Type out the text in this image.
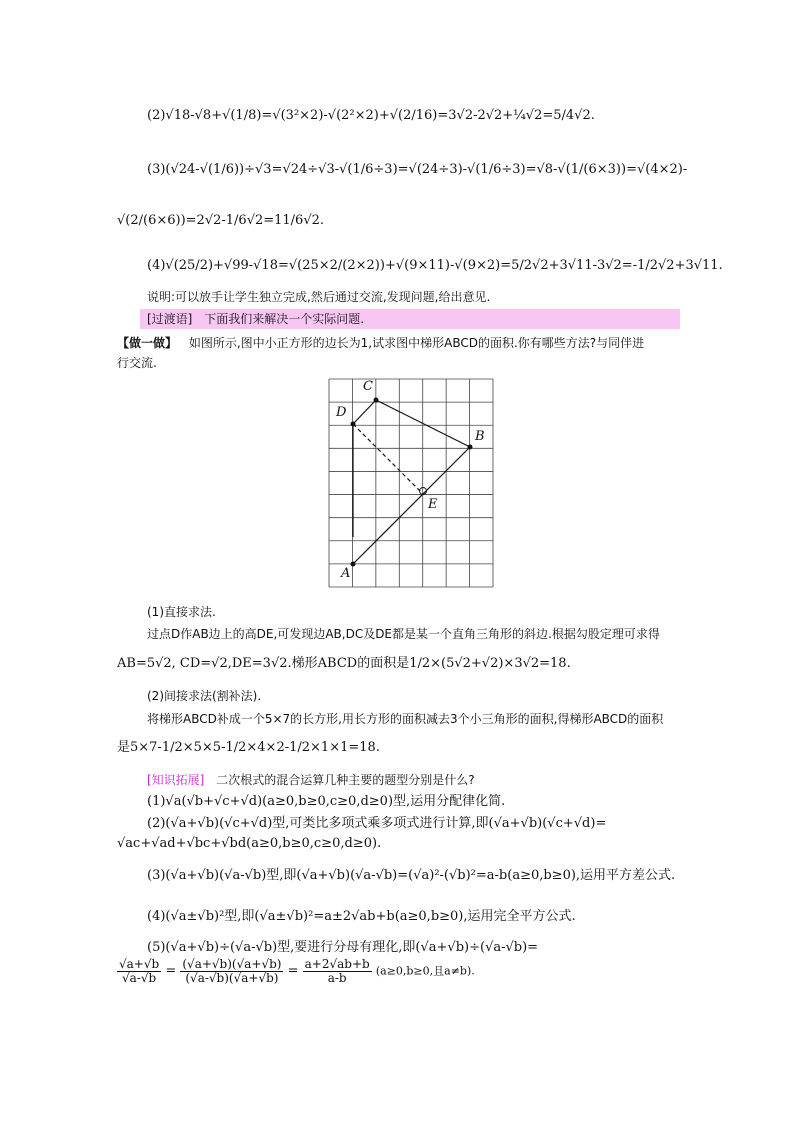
(2)√18-√8+√(1/8)=√(3²×2)-√(2²×2)+√(2/16)=3√2-2√2+¼√2=5/4√2.
(3)(√24-√(1/6))÷√3=√24÷√3-√(1/6÷3)=√(24÷3)-√(1/6÷3)=√8-√(1/(6×3))=√(4×2)-
√(2/(6×6))=2√2-1/6√2=11/6√2.
(4)√(25/2)+√99-√18=√(25×2/(2×2))+√(9×11)-√(9×2)=5/2√2+3√11-3√2=-1/2√2+3√11.
说明:可以放手让学生独立完成,然后通过交流,发现问题,给出意见.
[过渡语] 下面我们来解决一个实际问题.
【做一做】 如图所示,图中小正方形的边长为1,试求图中梯形ABCD的面积.你有哪些方法?与同伴进
行交流.
C
D
B
E
A
(1)直接求法.
过点D作AB边上的高DE,可发现边AB,DC及DE都是某一个直角三角形的斜边.根据勾股定理可求得
AB=5√2, CD=√2,DE=3√2.梯形ABCD的面积是1/2×(5√2+√2)×3√2=18.
(2)间接求法(割补法).
将梯形ABCD补成一个5×7的长方形,用长方形的面积减去3个小三角形的面积,得梯形ABCD的面积
是5×7-1/2×5×5-1/2×4×2-1/2×1×1=18.
[知识拓展] 二次根式的混合运算几种主要的题型分别是什么?
(1)√a(√b+√c+√d)(a≥0,b≥0,c≥0,d≥0)型,运用分配律化简.
(2)(√a+√b)(√c+√d)型,可类比多项式乘多项式进行计算,即(√a+√b)(√c+√d)=
√ac+√ad+√bc+√bd(a≥0,b≥0,c≥0,d≥0).
(3)(√a+√b)(√a-√b)型,即(√a+√b)(√a-√b)=(√a)²-(√b)²=a-b(a≥0,b≥0),运用平方差公式.
(4)(√a±√b)²型,即(√a±√b)²=a±2√ab+b(a≥0,b≥0),运用完全平方公式.
(5)(√a+√b)÷(√a-√b)型,要进行分母有理化,即(√a+√b)÷(√a-√b)=
$\frac{√a+√b}{√a-√b} = \frac{(√a+√b)(√a+√b)}{(√a-√b)(√a+√b)} = \frac{a+2√ab+b}{a-b} (a\ge 0,b\ge 0$,且a≠b).
